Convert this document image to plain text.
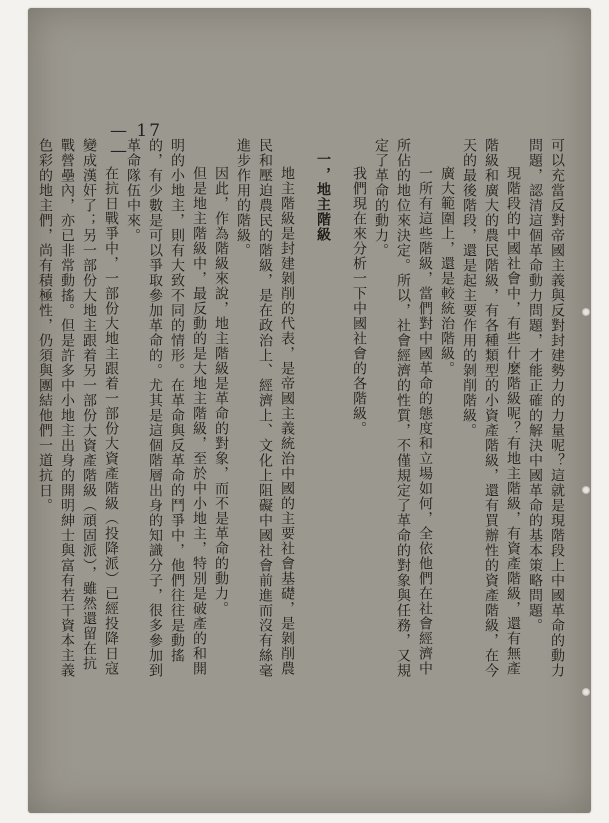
— 17 —	可以充當反對帝國主義與反對封建勢力的力量呢？這就是現階段上中國革命的動力問題，認清這個革命動力問題，才能正確的解決中國革命的基本策略問題。

現階段的中國社會中，有些什麼階級呢？有地主階級，有資產階級，還有無產階級和廣大的農民階級，有各種類型的小資產階級，還有買辦性的資產階級，在今天的最後階段，還是起主要作用的剝削階級。

廣大範圍上，還是較統治階級。

一所有這些階級，當們對中國革命的態度和立場如何，全依他們在社會經濟中所佔的地位來決定。所以，社會經濟的性質，不僅規定了革命的對象與任務，又規定了革命的動力。

我們現在來分析一下中國社會的各階級。

一，地主階級

地主階級是封建剝削的代表，是帝國主義統治中國的主要社會基礎，是剝削農民和壓迫農民的階級，是在政治上、經濟上、文化上阻礙中國社會前進而沒有絲毫進步作用的階級。

因此，作為階級來說，地主階級是革命的對象，而不是革命的動力。

但是地主階級中，最反動的是大地主階級，至於中小地主，特別是破產的和開明的小地主，則有大致不同的情形。在革命與反革命的鬥爭中，他們往往是動搖的，有少數是可以爭取參加革命的。尤其是這個階層出身的知識分子，很多參加到革命隊伍中來。

在抗日戰爭中，一部份大地主跟着一部份大資產階級（投降派）已經投降日寇變成漢奸了；另一部份大地主跟着另一部份大資產階級（頑固派），雖然還留在抗戰營壘內，亦已非常動搖。但是許多中小地主出身的開明紳士與富有若干資本主義色彩的地主們，尚有積極性，仍須與團結他們一道抗日。
